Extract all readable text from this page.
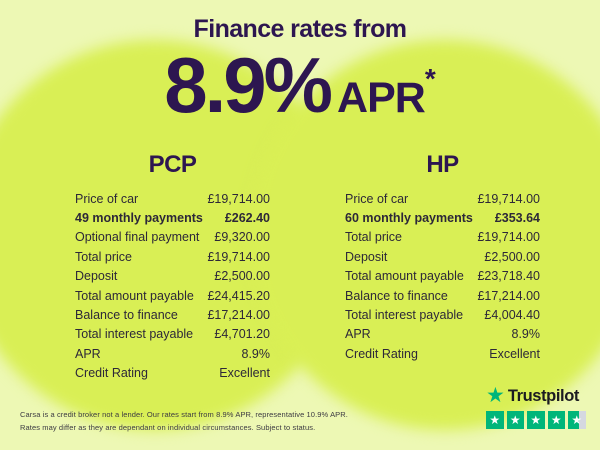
Finance rates from
8.9% APR *
PCP
Price of car	£19,714.00
49 monthly payments £262.40
Optional final payment £9,320.00
Total price	£19,714.00
Deposit	£2,500.00
Total amount payable £24,415.20
Balance to finance £17,214.00
Total interest payable £4,701.20
APR	8.9%
Credit Rating	Excellent
HP
Price of car	£19,714.00
60 monthly payments £353.64
Total price	£19,714.00
Deposit	£2,500.00
Total amount payable £23,718.40
Balance to finance £17,214.00
Total interest payable £4,004.40
APR	8.9%
Credit Rating	Excellent
Carsa is a credit broker not a lender. Our rates start from 8.9% APR, representative 10.9% APR.
Rates may differ as they are dependant on individual circumstances. Subject to status.
★ Trustpilot
★ ★ ★ ★ ★
